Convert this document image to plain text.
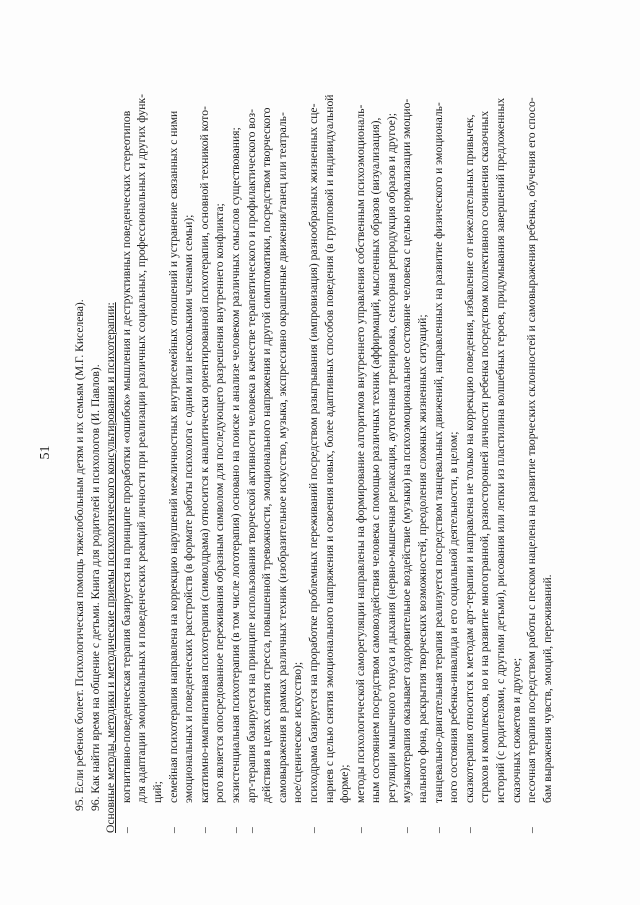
51 95. Если ребенок болеет. Психологическая помощь тяжелобольным детям и их семьям (М.Г. Киселева). 96. Как найти время на общение с детьми. Книга для родителей и психологов (И. Павлов). Основные методы, методики и методические приемы психологического консультирования и психотерапии: –

когнитивно-поведенческая терапия базируется на принципе проработки «ошибок» мышления и деструктивных поведенческих стереотипов для адаптации эмоциональных и поведенческих реакций личности при реализации различных социальных, профессиональных и других функ- ций;

–

семейная психотерапия направлена на коррекцию нарушений межличностных внутрисемейных отношений и устранение связанных с ними эмоциональных и поведенческих расстройств (в формате работы психолога с одним или несколькими членами семьи);

–

кататимно-имагинативная психотерапия (символдрама) относится к аналитически ориентированной психотерапии, основной техникой кото- рого является опосредованное переживания образным символом для последующего разрешения внутреннего конфликта;

–

экзистенциальная психотерапия (в том числе логотерапия) основано на поиске и анализе человеком различных смыслов существования;

–

арт-терапия базируется на принципе использования творческой активности человека в качестве терапевтического и профилактического воз- действия в целях снятия стресса, повышенной тревожности, эмоционального напряжения и другой симптоматики, посредством творческого самовыражения в рамках различных техник (изобразительное искусство, музыка, экспрессивно окрашенные движения/танец или театраль- ное/сценическое искусство);

–

психодрама базируется на проработке проблемных переживаний посредством разыгрывания (импровизация) разнообразных жизненных сце- нариев с целью снятия эмоционального напряжения и освоения новых, более адаптивных способов поведения (в групповой и индивидуальной форме);

–

методы психологической саморегуляции направлены на формирование алгоритмов внутреннего управления собственным психоэмоциональ- ным состоянием посредством самовоздействия человека с помощью различных техник (аффирмаций, мысленных образов (визуализация), регуляции мышечного тонуса и дыхания (нервно-мышечная релаксация, аутогенная тренировка, сенсорная репродукция образов и другое);

–

музыкотерапия оказывает оздоровительное воздействие (музыки) на психоэмоциональное состояние человека с целью нормализации эмоцио- нального фона, раскрытия творческих возможностей, преодоления сложных жизненных ситуаций;

–

танцевально-двигательная терапия реализуется посредством танцевальных движений, направленных на развитие физического и эмоциональ- ного состояния ребенка-инвалида и его социальной деятельности, в целом;

–

сказкотерапия относится к методам арт-терапии и направлена не только на коррекцию поведения, избавление от нежелательных привычек, страхов и комплексов, но и на развитие многогранной, разносторонней личности ребенка посредством коллективного сочинения сказочных историй (с родителями, с другими детьми), рисования или лепки из пластилина волшебных героев, придумывания завершений предложенных сказочных сюжетов и другое;

–

песочная терапия посредством работы с песком нацелена на развитие творческих склонностей и самовыражения ребенка, обучения его спосо- бам выражения чувств, эмоций, переживаний.
